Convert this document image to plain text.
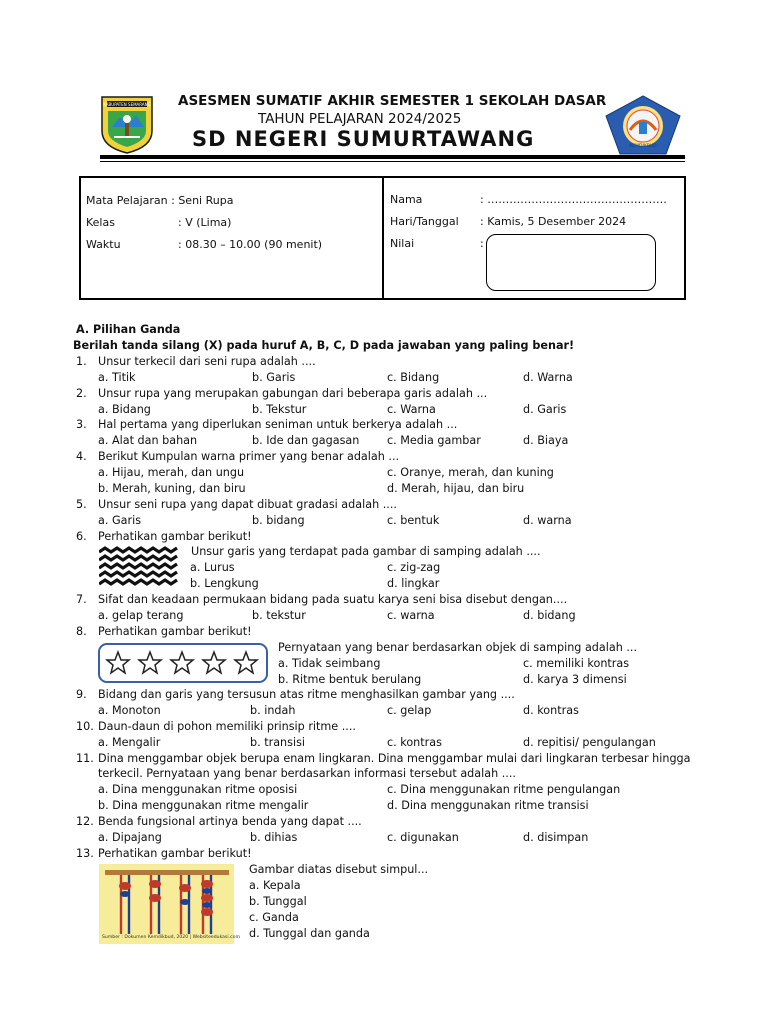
KABUPATEN SEMARANG
KEMDIKBUD
ASESMEN SUMATIF AKHIR SEMESTER 1 SEKOLAH DASAR
TAHUN PELAJARAN 2024/2025
SD NEGERI SUMURTAWANG
Mata Pelajaran : Seni Rupa
Kelas	: V (Lima)
Waktu	: 08.30 – 10.00 (90 menit)
Nama	: ………………………………………….
Hari/Tanggal : Kamis, 5 Desember 2024
Nilai	:
A. Pilihan Ganda
Berilah tanda silang (X) pada huruf A, B, C, D pada jawaban yang paling benar!
1. Unsur terkecil dari seni rupa adalah ....
a. Titik	b. Garis	c. Bidang	d. Warna
2. Unsur rupa yang merupakan gabungan dari beberapa garis adalah ...
a. Bidang	b. Tekstur	c. Warna	d. Garis
3. Hal pertama yang diperlukan seniman untuk berkerya adalah ...
a. Alat dan bahan	b. Ide dan gagasan c. Media gambar	d. Biaya
4. Berikut Kumpulan warna primer yang benar adalah ...
a. Hijau, merah, dan ungu	c. Oranye, merah, dan kuning
b. Merah, kuning, dan biru	d. Merah, hijau, dan biru
5. Unsur seni rupa yang dapat dibuat gradasi adalah ....
a. Garis	b. bidang	c. bentuk	d. warna
6. Perhatikan gambar berikut!
Unsur garis yang terdapat pada gambar di samping adalah ....
a. Lurus	c. zig-zag
b. Lengkung	d. lingkar
7. Sifat dan keadaan permukaan bidang pada suatu karya seni bisa disebut dengan....
a. gelap terang	b. tekstur	c. warna	d. bidang
8. Perhatikan gambar berikut!
Pernyataan yang benar berdasarkan objek di samping adalah ...
a. Tidak seimbang	c. memiliki kontras
b. Ritme bentuk berulang	d. karya 3 dimensi
9. Bidang dan garis yang tersusun atas ritme menghasilkan gambar yang ....
a. Monoton	b. indah	c. gelap	d. kontras
10. Daun-daun di pohon memiliki prinsip ritme ....
a. Mengalir	b. transisi	c. kontras	d. repitisi/ pengulangan
11. Dina menggambar objek berupa enam lingkaran. Dina menggambar mulai dari lingkaran terbesar hingga
terkecil. Pernyataan yang benar berdasarkan informasi tersebut adalah ....
a. Dina menggunakan ritme oposisi	c. Dina menggunakan ritme pengulangan
b. Dina menggunakan ritme mengalir	d. Dina menggunakan ritme transisi
12. Benda fungsional artinya benda yang dapat ....
a. Dipajang	b. dihias	c. digunakan	d. disimpan
13. Perhatikan gambar berikut!
Sumber : Dokumen Kemdikbud, 2020 | Websiteedukasi.com
Gambar diatas disebut simpul...
a. Kepala
b. Tunggal
c. Ganda
d. Tunggal dan ganda
